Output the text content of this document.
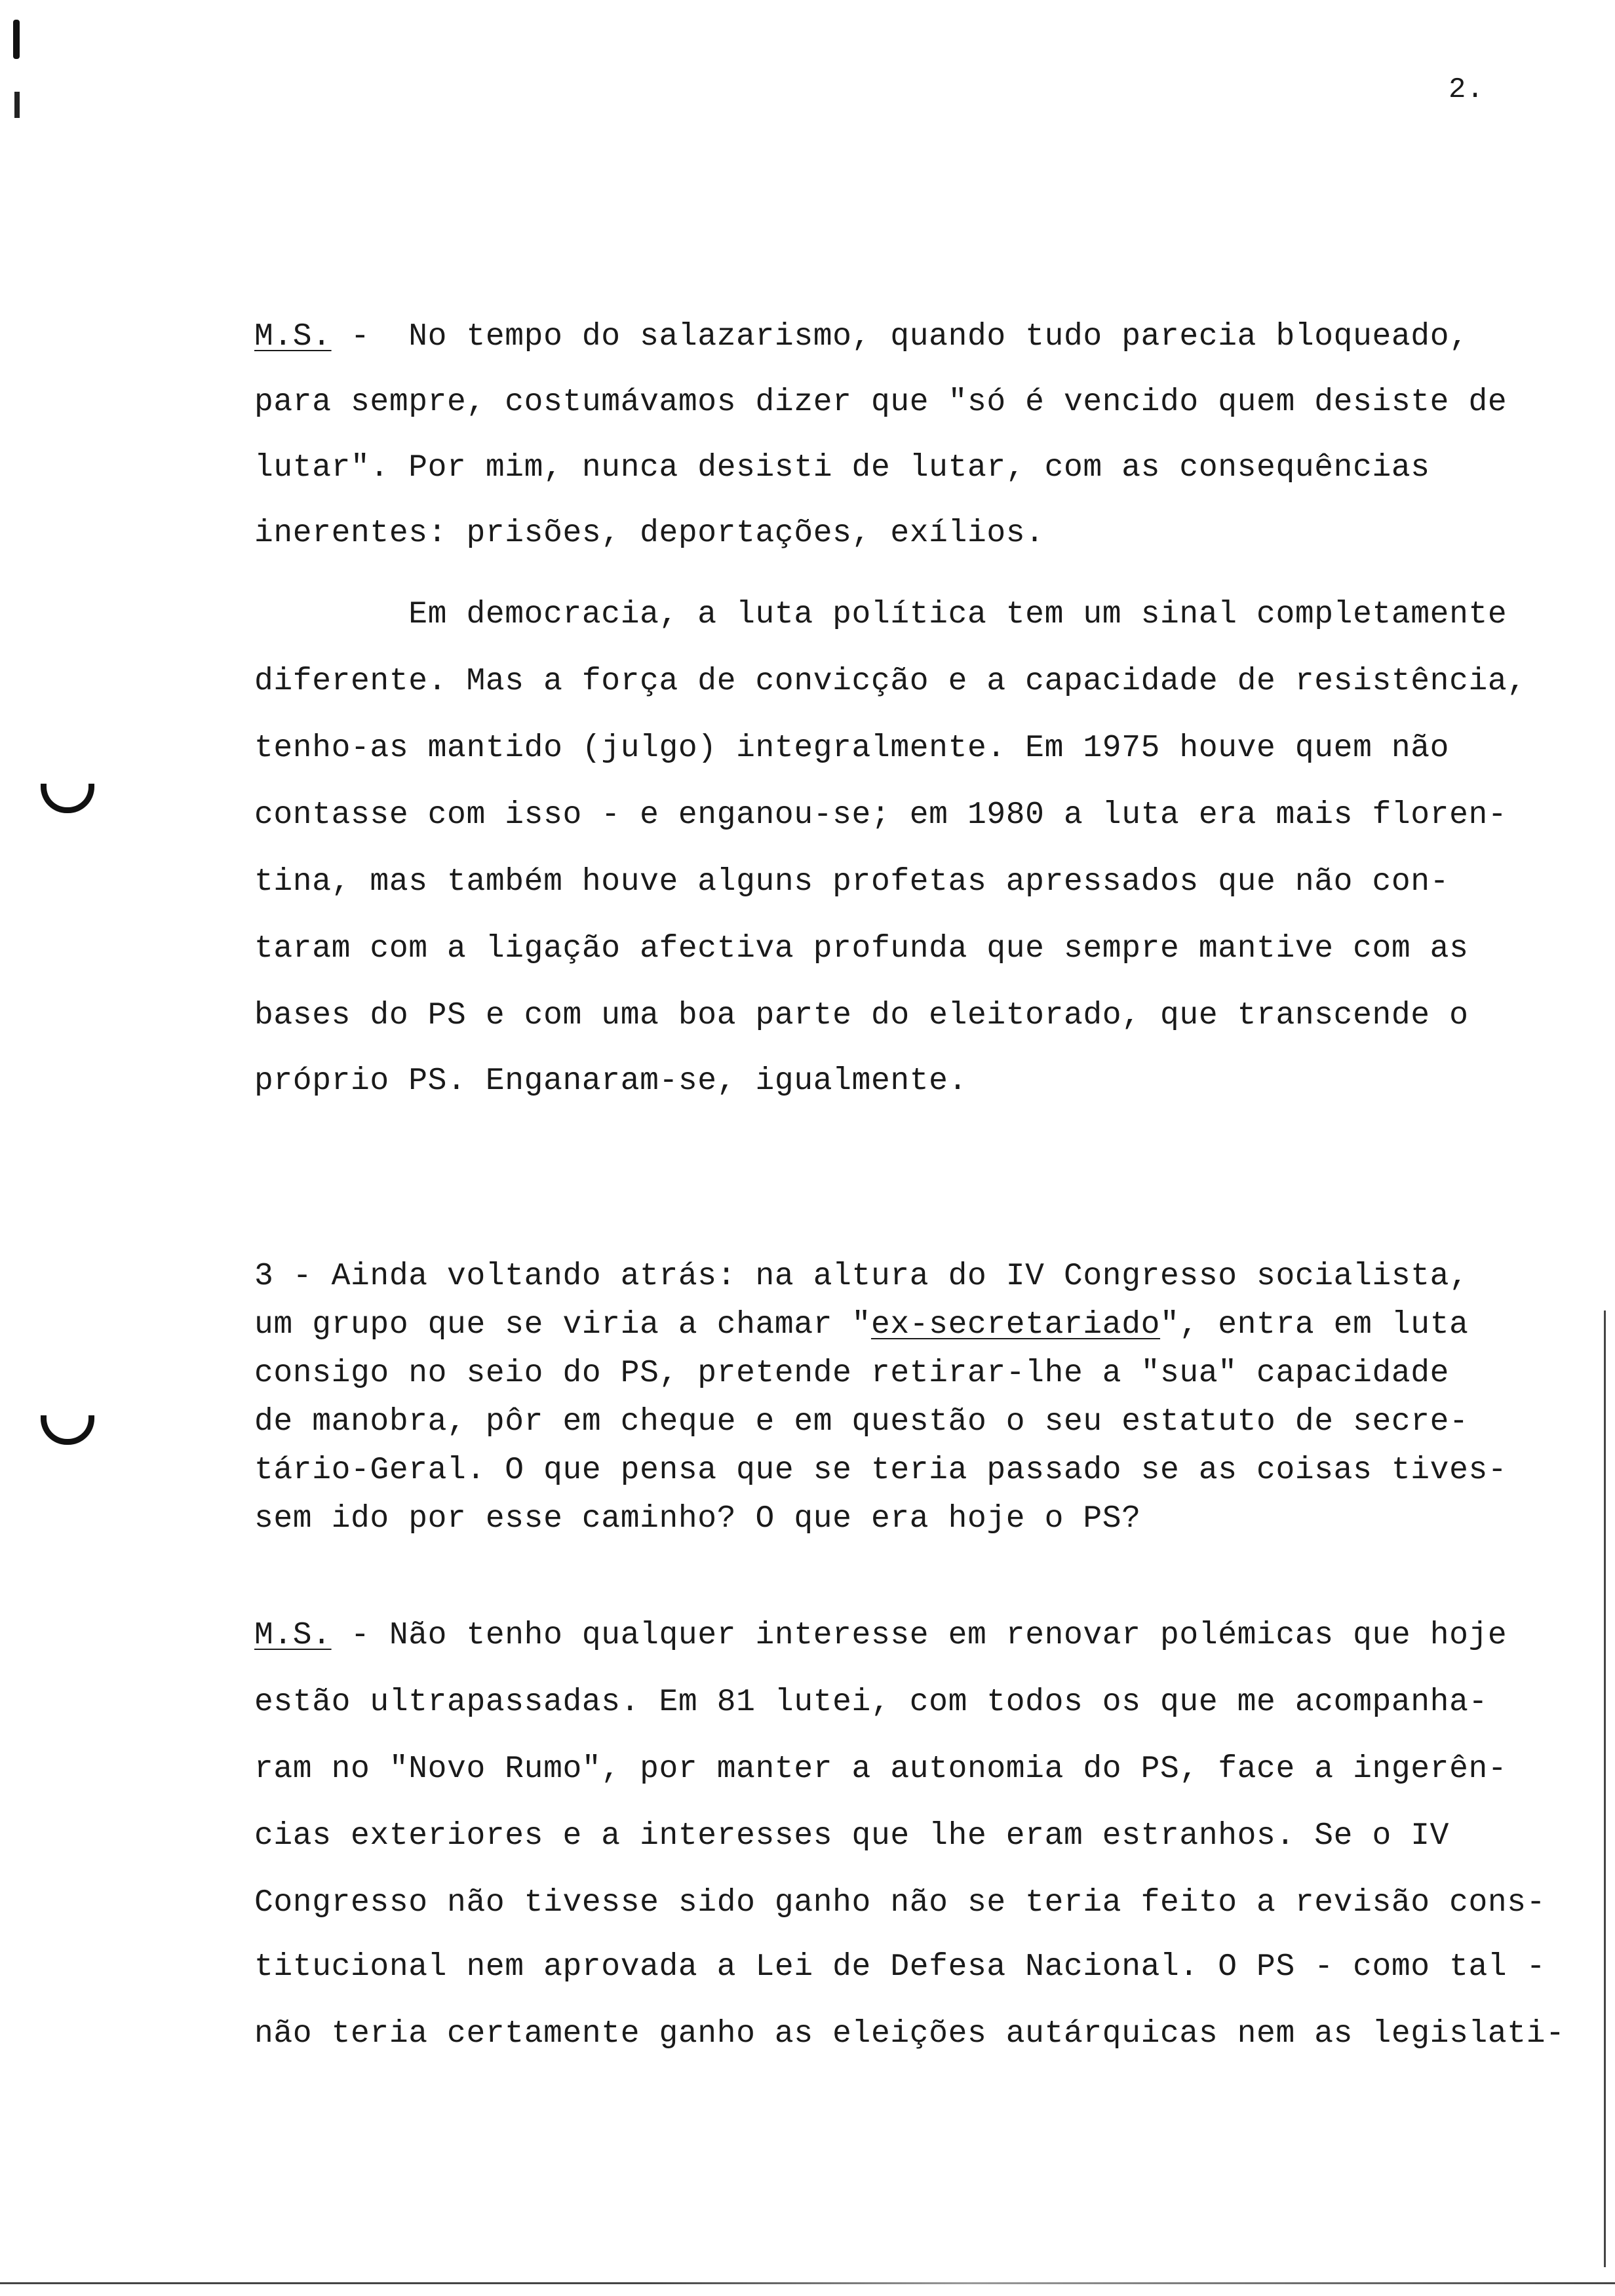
2.
M.S. -  No tempo do salazarismo, quando tudo parecia bloqueado,
para sempre, costumávamos dizer que "só é vencido quem desiste de
lutar". Por mim, nunca desisti de lutar, com as consequências
inerentes: prisões, deportações, exílios.
Em democracia, a luta política tem um sinal completamente
diferente. Mas a força de convicção e a capacidade de resistência,
tenho-as mantido (julgo) integralmente. Em 1975 houve quem não
contasse com isso - e enganou-se; em 1980 a luta era mais floren-
tina, mas também houve alguns profetas apressados que não con-
taram com a ligação afectiva profunda que sempre mantive com as
bases do PS e com uma boa parte do eleitorado, que transcende o
próprio PS. Enganaram-se, igualmente.
3 - Ainda voltando atrás: na altura do IV Congresso socialista,
um grupo que se viria a chamar "ex-secretariado", entra em luta
consigo no seio do PS, pretende retirar-lhe a "sua" capacidade
de manobra, pôr em cheque e em questão o seu estatuto de secre-
tário-Geral. O que pensa que se teria passado se as coisas tives-
sem ido por esse caminho? O que era hoje o PS?
M.S. - Não tenho qualquer interesse em renovar polémicas que hoje
estão ultrapassadas. Em 81 lutei, com todos os que me acompanha-
ram no "Novo Rumo", por manter a autonomia do PS, face a ingerên-
cias exteriores e a interesses que lhe eram estranhos. Se o IV
Congresso não tivesse sido ganho não se teria feito a revisão cons-
titucional nem aprovada a Lei de Defesa Nacional. O PS - como tal -
não teria certamente ganho as eleições autárquicas nem as legislati-
